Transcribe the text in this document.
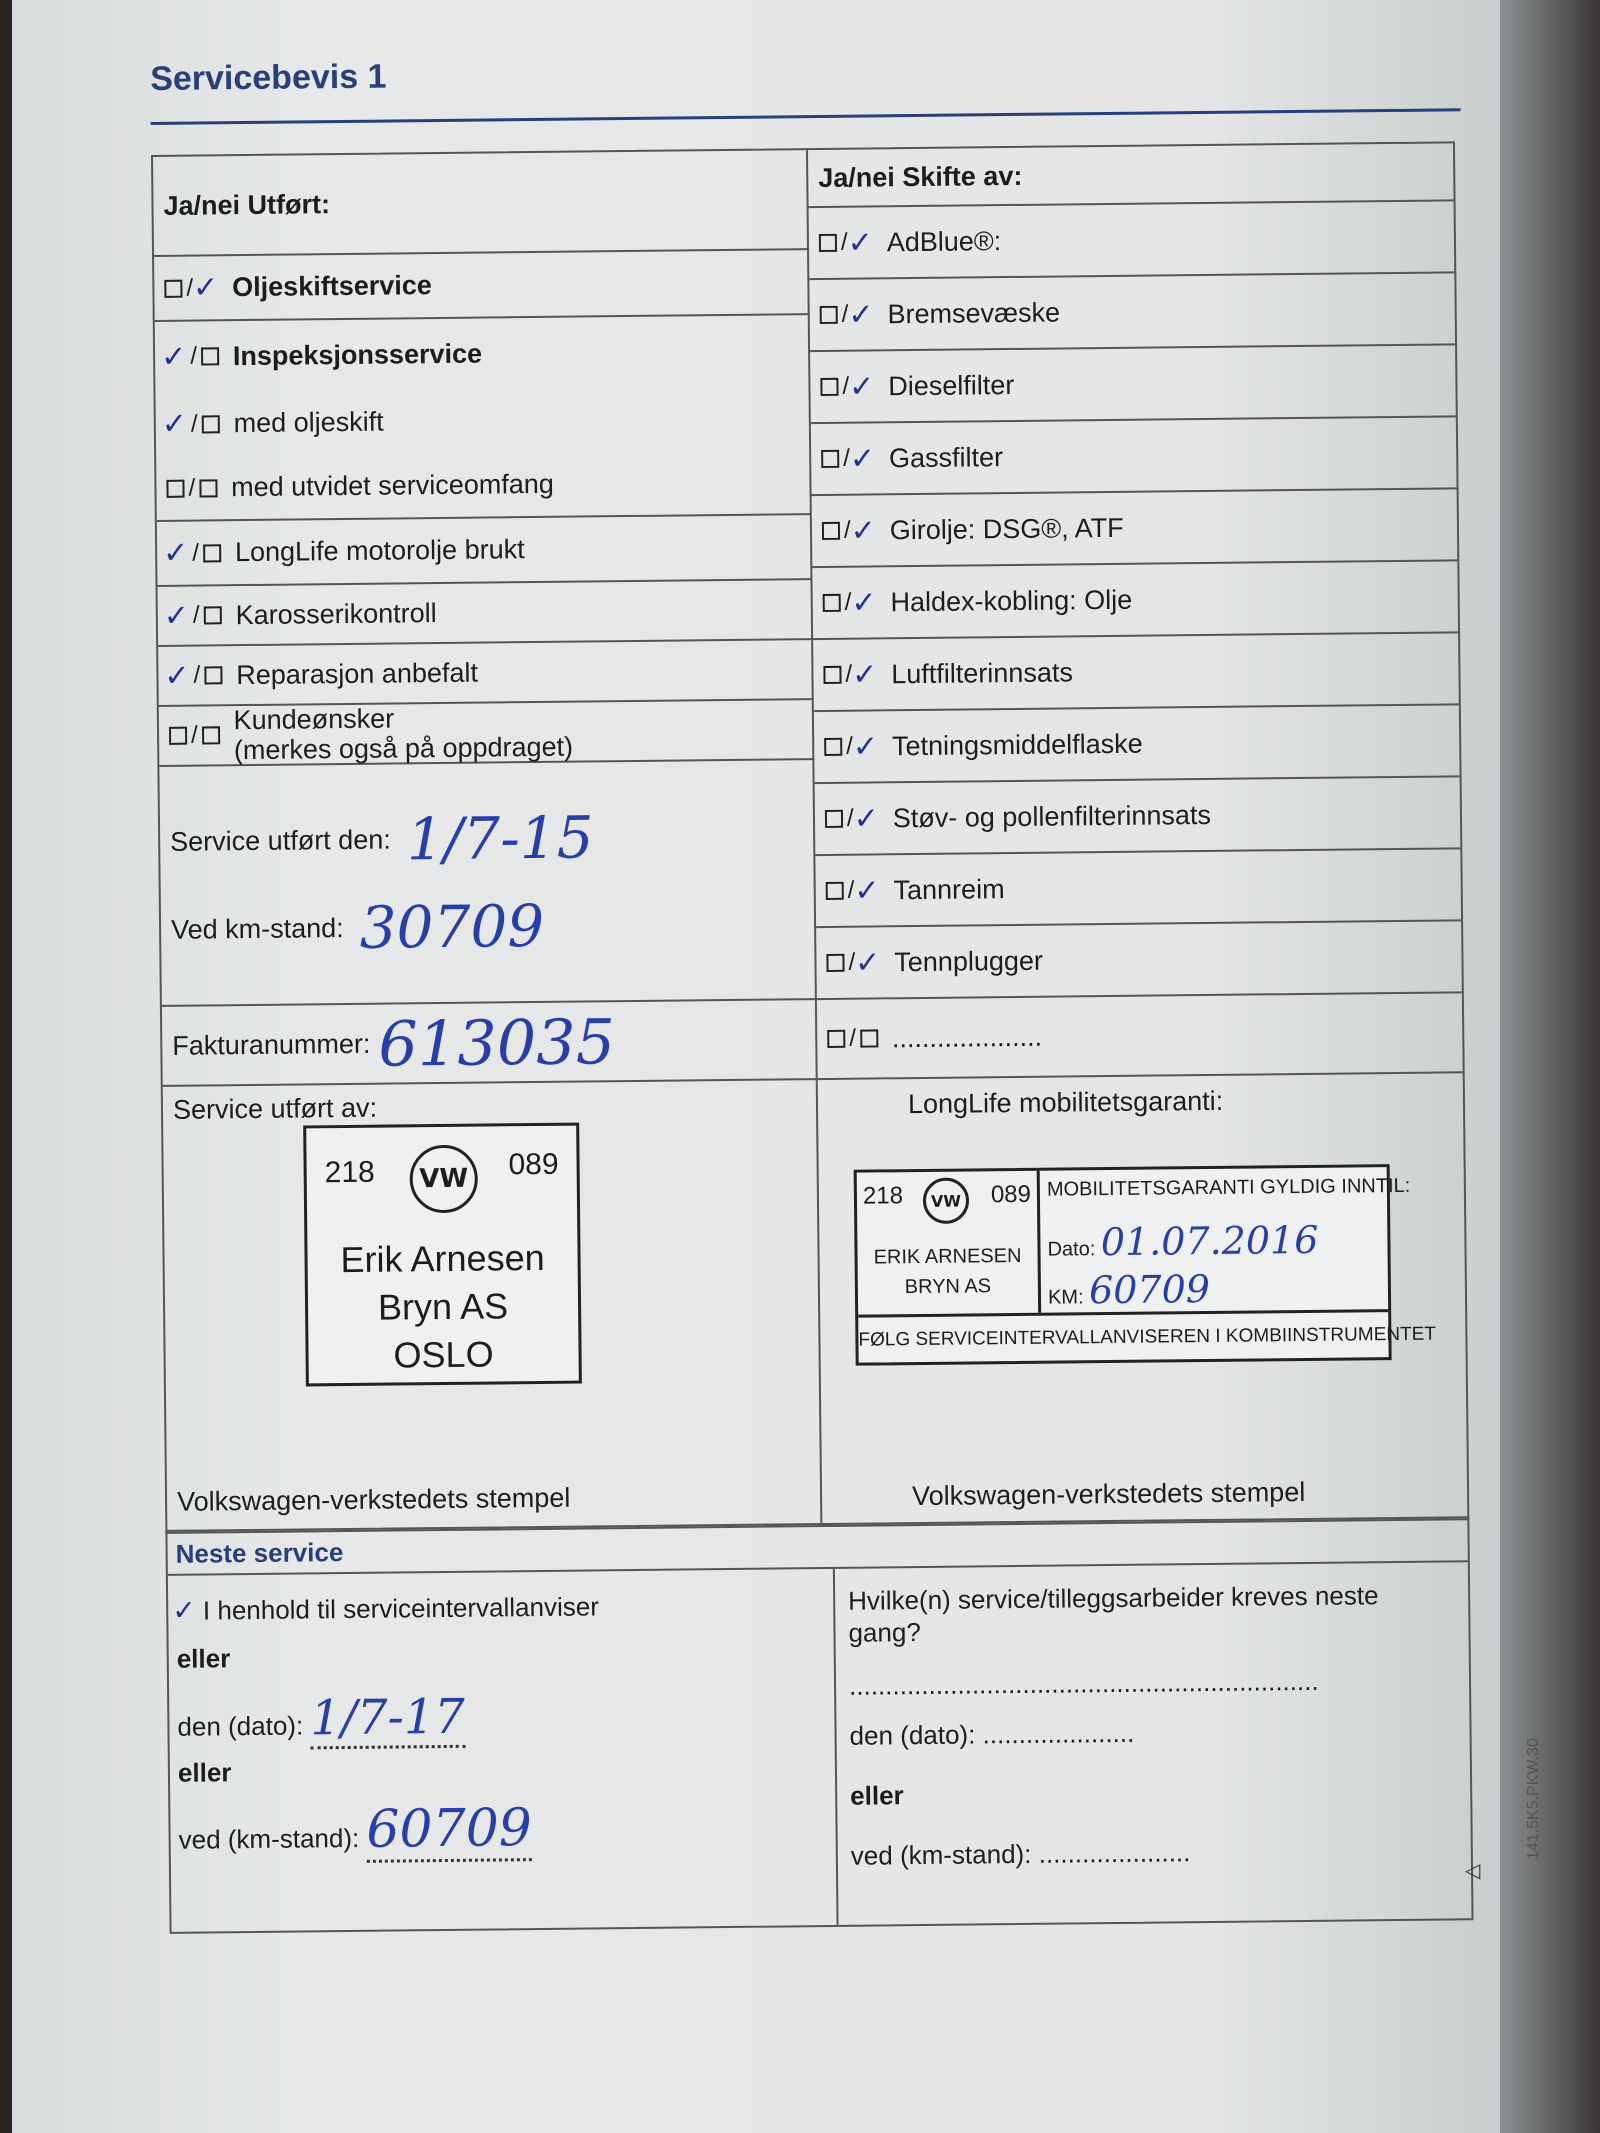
Servicebevis 1
Ja/nei Utført:
/ ✓ Oljeskiftservice
✓ / Inspeksjonsservice
✓ / med oljeskift
/ med utvidet serviceomfang
✓ / LongLife motorolje brukt
✓ / Karosserikontroll
✓ / Reparasjon anbefalt
/ Kundeønsker
(merkes også på oppdraget)
Service utført den: 1/7-15
Ved km-stand: 30709
Fakturanummer: 613035
Service utført av:
218	089
VW
Erik Arnesen
Bryn AS
OSLO
Volkswagen-verkstedets stempel
Ja/nei Skifte av:
/ ✓ AdBlue®:
/ ✓ Bremsevæske
/ ✓ Dieselfilter
/ ✓ Gassfilter
/ ✓ Girolje: DSG®, ATF
/ ✓ Haldex-kobling: Olje
/ ✓ Luftfilterinnsats
/ ✓ Tetningsmiddelflaske
/ ✓ Støv- og pollenfilterinnsats
/ ✓ Tannreim
/ ✓ Tennplugger
/ ....................
LongLife mobilitetsgaranti:
218	VW	089
ERIK ARNESEN
BRYN AS
MOBILITETSGARANTI GYLDIG INNTIL:
Dato: 01.07.2016
KM: 60709
FØLG SERVICEINTERVALLANVISEREN I KOMBIINSTRUMENTET
Volkswagen-verkstedets stempel
Neste service
✓ I henhold til serviceintervallanviser
eller
den (dato): 1/7-17
eller
ved (km-stand): 60709
Hvilke(n) service/tilleggsarbeider kreves neste gang?
.................................................................
den (dato): .....................
eller
ved (km-stand): .....................
◁
141.5K5.PKW.30
